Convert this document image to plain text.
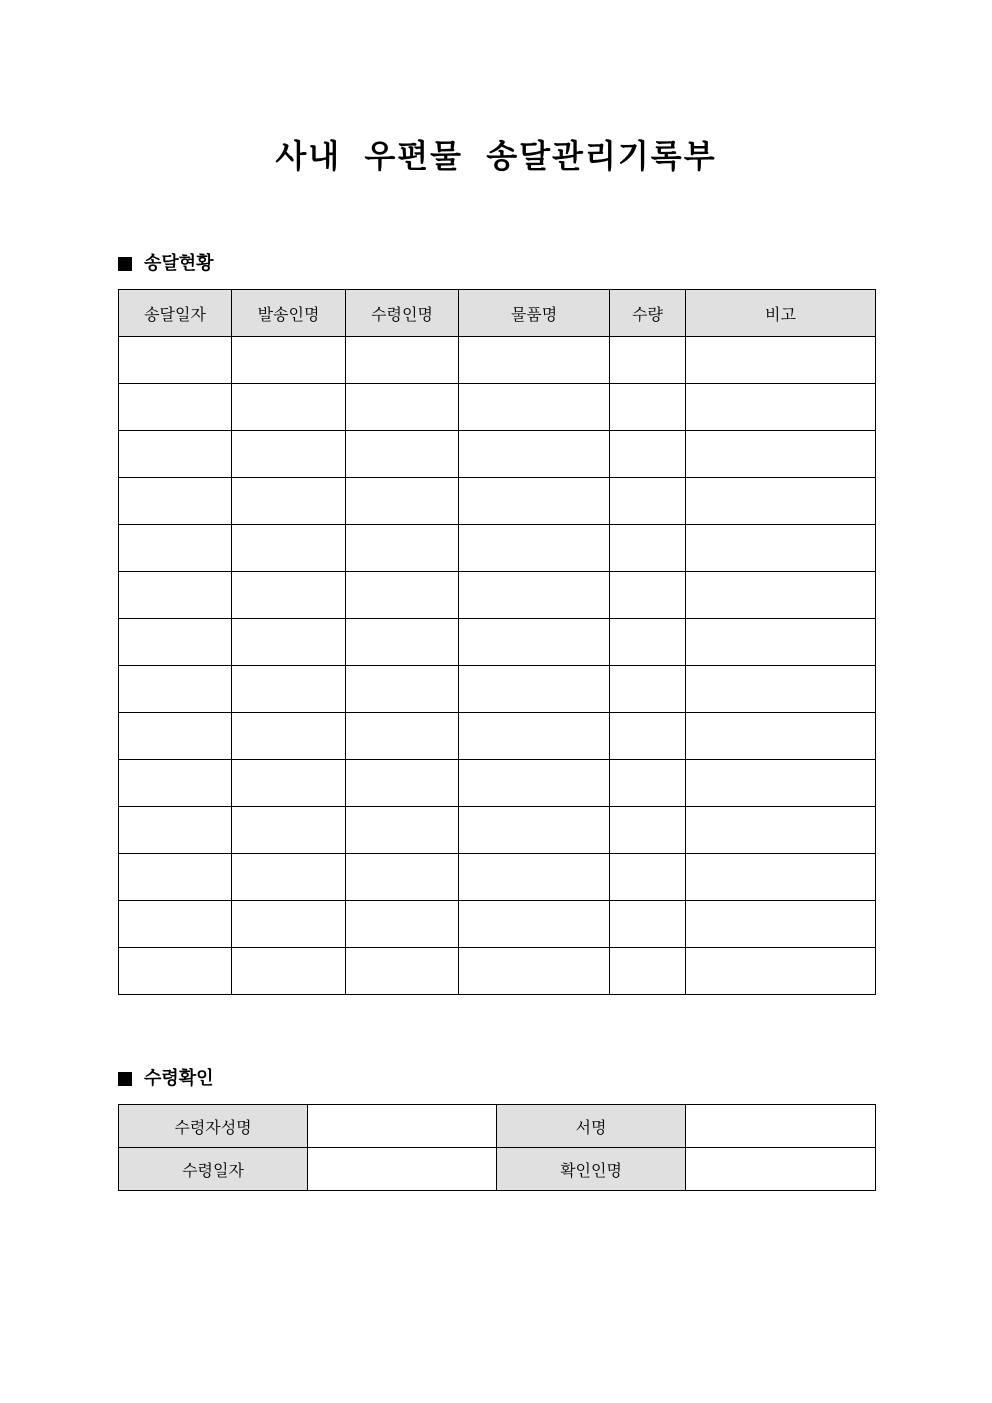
사내 우편물 송달관리기록부
송달현황
송달일자	발송인명	수령인명	물품명	수량	비고

수령확인
수령자성명		서명	
수령일자		확인인명	
